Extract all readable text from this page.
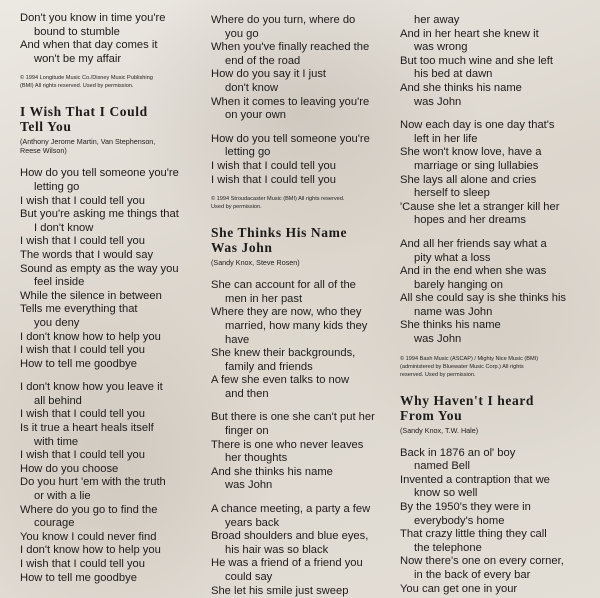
Don't you know in time you're
bound to stumble
And when that day comes it
won't be my affair
© 1994 Longitude Music Co./Disney Music Publishing
(BMI) All rights reserved. Used by permission.
I Wish That I Could
Tell You
(Anthony Jerome Martin, Van Stephenson,
Reese Wilson)
How do you tell someone you're
letting go
I wish that I could tell you
But you're asking me things that
I don't know
I wish that I could tell you
The words that I would say
Sound as empty as the way you
feel inside
While the silence in between
Tells me everything that
you deny
I don't know how to help you
I wish that I could tell you
How to tell me goodbye
I don't know how you leave it
all behind
I wish that I could tell you
Is it true a heart heals itself
with time
I wish that I could tell you
How do you choose
Do you hurt 'em with the truth
or with a lie
Where do you go to find the
courage
You know I could never find
I don't know how to help you
I wish that I could tell you
How to tell me goodbye
Where do you turn, where do
you go
When you've finally reached the
end of the road
How do you say it I just
don't know
When it comes to leaving you're
on your own
How do you tell someone you're
letting go
I wish that I could tell you
I wish that I could tell you
© 1994 Stroudacaster Music (BMI) All rights reserved.
Used by permission.
She Thinks His Name
Was John
(Sandy Knox, Steve Rosen)
She can account for all of the
men in her past
Where they are now, who they
married, how many kids they
have
She knew their backgrounds,
family and friends
A few she even talks to now
and then
But there is one she can't put her
finger on
There is one who never leaves
her thoughts
And she thinks his name
was John
A chance meeting, a party a few
years back
Broad shoulders and blue eyes,
his hair was so black
He was a friend of a friend you
could say
She let his smile just sweep
her away
And in her heart she knew it
was wrong
But too much wine and she left
his bed at dawn
And she thinks his name
was John
Now each day is one day that's
left in her life
She won't know love, have a
marriage or sing lullabies
She lays all alone and cries
herself to sleep
'Cause she let a stranger kill her
hopes and her dreams
And all her friends say what a
pity what a loss
And in the end when she was
barely hanging on
All she could say is she thinks his
name was John
She thinks his name
was John
© 1994 Bash Music (ASCAP) / Mighty Nice Music (BMI)
(administered by Bluewater Music Corp.) All rights
reserved. Used by permission.
Why Haven't I heard
From You
(Sandy Knox, T.W. Hale)
Back in 1876 an ol' boy
named Bell
Invented a contraption that we
know so well
By the 1950's they were in
everybody's home
That crazy little thing they call
the telephone
Now there's one on every corner,
in the back of every bar
You can get one in your
